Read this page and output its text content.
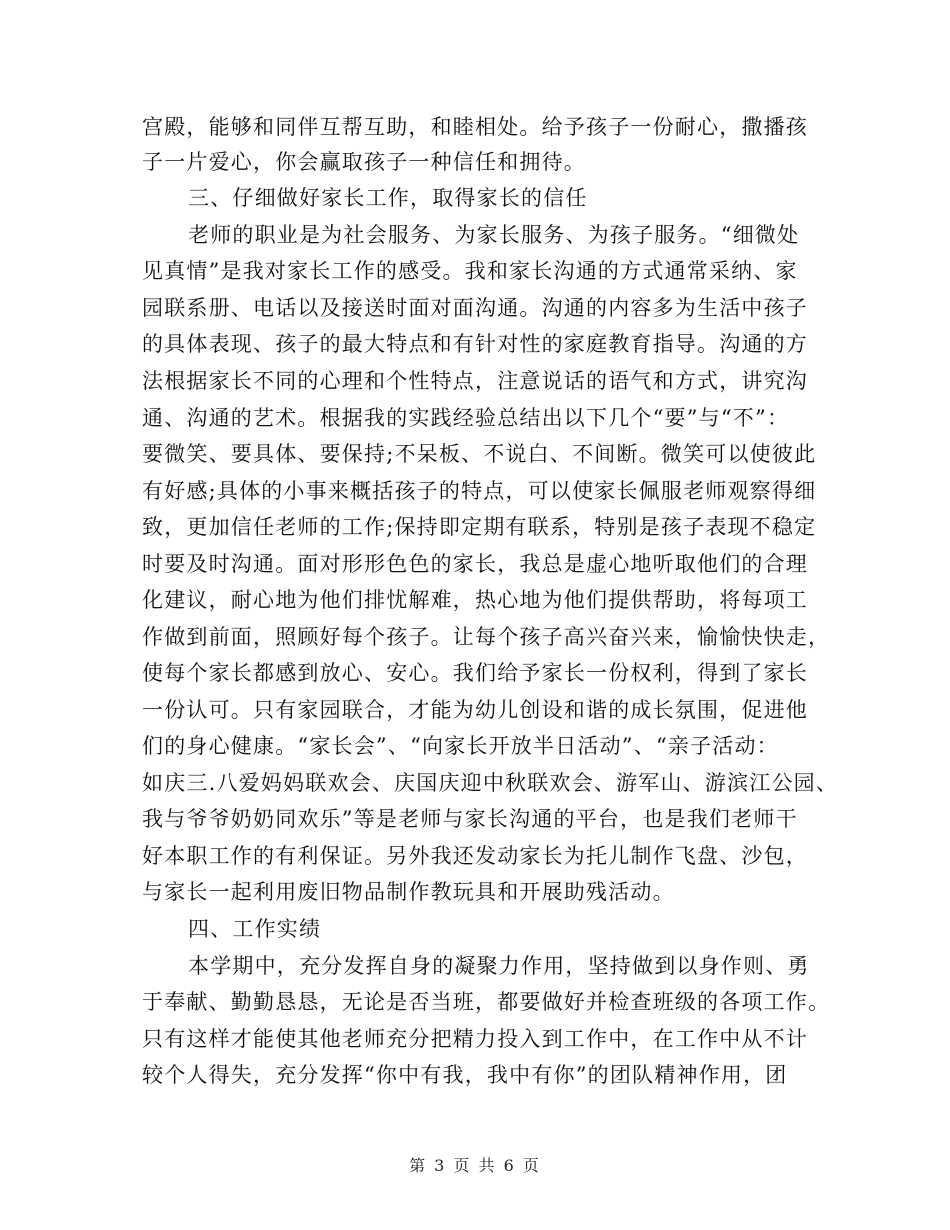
宫殿，能够和同伴互帮互助，和睦相处。给予孩子一份耐心，撒播孩
子一片爱心，你会赢取孩子一种信任和拥待。
三、仔细做好家长工作，取得家长的信任
老师的职业是为社会服务、为家长服务、为孩子服务。“细微处
见真情”是我对家长工作的感受。我和家长沟通的方式通常采纳、家
园联系册、电话以及接送时面对面沟通。沟通的内容多为生活中孩子
的具体表现、孩子的最大特点和有针对性的家庭教育指导。沟通的方
法根据家长不同的心理和个性特点，注意说话的语气和方式，讲究沟
通、沟通的艺术。根据我的实践经验总结出以下几个“要”与“不”：
要微笑、要具体、要保持;不呆板、不说白、不间断。微笑可以使彼此
有好感;具体的小事来概括孩子的特点，可以使家长佩服老师观察得细
致，更加信任老师的工作;保持即定期有联系，特别是孩子表现不稳定
时要及时沟通。面对形形色色的家长，我总是虚心地听取他们的合理
化建议，耐心地为他们排忧解难，热心地为他们提供帮助，将每项工
作做到前面，照顾好每个孩子。让每个孩子高兴奋兴来，愉愉快快走，
使每个家长都感到放心、安心。我们给予家长一份权利，得到了家长
一份认可。只有家园联合，才能为幼儿创设和谐的成长氛围，促进他
们的身心健康。“家长会”、“向家长开放半日活动”、“亲子活动：
如庆三.八爱妈妈联欢会、庆国庆迎中秋联欢会、游军山、游滨江公园、
我与爷爷奶奶同欢乐”等是老师与家长沟通的平台，也是我们老师干
好本职工作的有利保证。另外我还发动家长为托儿制作飞盘、沙包，
与家长一起利用废旧物品制作教玩具和开展助残活动。
四、工作实绩
本学期中，充分发挥自身的凝聚力作用，坚持做到以身作则、勇
于奉献、勤勤恳恳，无论是否当班，都要做好并检查班级的各项工作。
只有这样才能使其他老师充分把精力投入到工作中，在工作中从不计
较个人得失，充分发挥“你中有我，我中有你”的团队精神作用，团
第 3 页 共 6 页
